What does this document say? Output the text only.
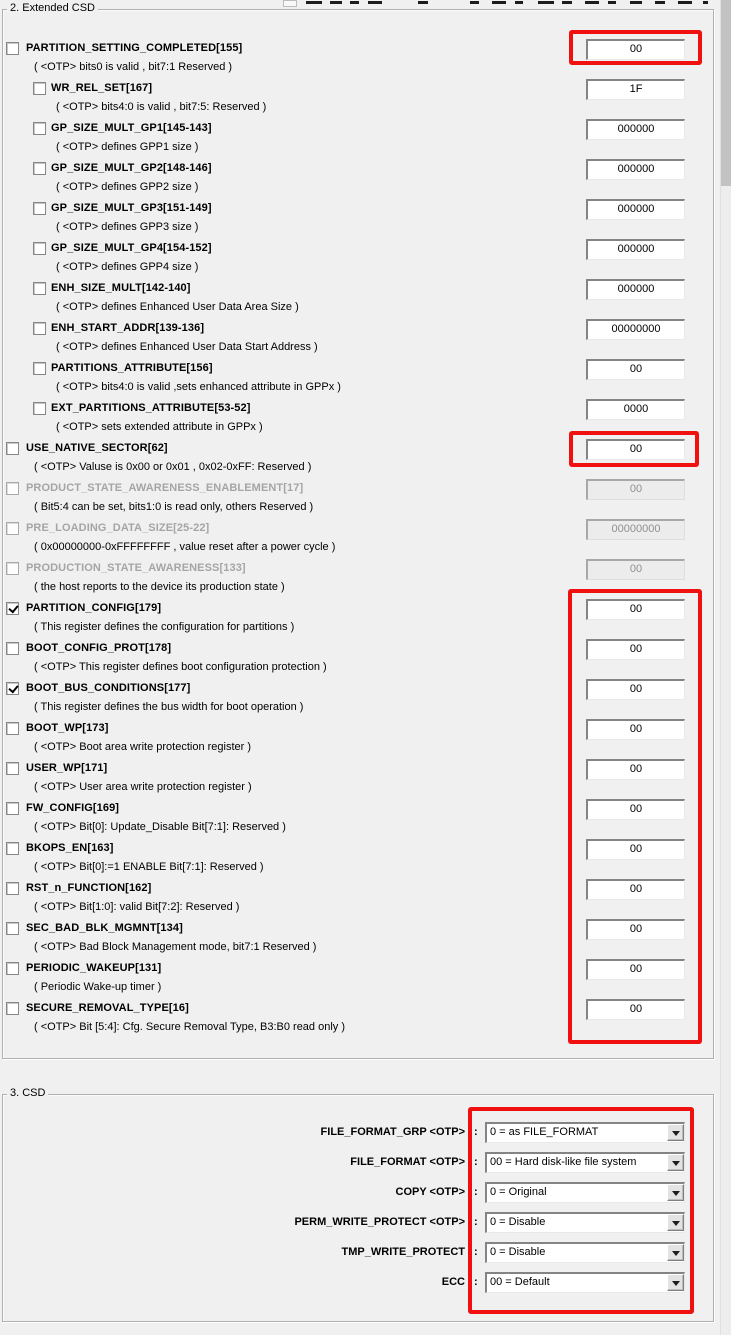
2. Extended CSD
PARTITION_SETTING_COMPLETED[155]
( <OTP> bits0 is valid , bit7:1 Reserved )
00
WR_REL_SET[167]
( <OTP> bits4:0 is valid , bit7:5: Reserved )
1F
GP_SIZE_MULT_GP1[145-143]
( <OTP> defines GPP1 size )
000000
GP_SIZE_MULT_GP2[148-146]
( <OTP> defines GPP2 size )
000000
GP_SIZE_MULT_GP3[151-149]
( <OTP> defines GPP3 size )
000000
GP_SIZE_MULT_GP4[154-152]
( <OTP> defines GPP4 size )
000000
ENH_SIZE_MULT[142-140]
( <OTP> defines Enhanced User Data Area Size )
000000
ENH_START_ADDR[139-136]
( <OTP> defines Enhanced User Data Start Address )
00000000
PARTITIONS_ATTRIBUTE[156]
( <OTP> bits4:0 is valid ,sets enhanced attribute in GPPx )
00
EXT_PARTITIONS_ATTRIBUTE[53-52]
( <OTP> sets extended attribute in GPPx )
0000
USE_NATIVE_SECTOR[62]
( <OTP> Valuse is 0x00 or 0x01 , 0x02-0xFF: Reserved )
00
PRODUCT_STATE_AWARENESS_ENABLEMENT[17]
( Bit5:4 can be set, bits1:0 is read only, others Reserved )
00
PRE_LOADING_DATA_SIZE[25-22]
( 0x00000000-0xFFFFFFFF , value reset after a power cycle )
00000000
PRODUCTION_STATE_AWARENESS[133]
( the host reports to the device its production state )
00
PARTITION_CONFIG[179]
( This register defines the configuration for partitions )
00
BOOT_CONFIG_PROT[178]
( <OTP> This register defines boot configuration protection )
00
BOOT_BUS_CONDITIONS[177]
( This register defines the bus width for boot operation )
00
BOOT_WP[173]
( <OTP> Boot area write protection register )
00
USER_WP[171]
( <OTP> User area write protection register )
00
FW_CONFIG[169]
( <OTP> Bit[0]: Update_Disable Bit[7:1]: Reserved )
00
BKOPS_EN[163]
( <OTP> Bit[0]:=1 ENABLE Bit[7:1]: Reserved )
00
RST_n_FUNCTION[162]
( <OTP> Bit[1:0]: valid Bit[7:2]: Reserved )
00
SEC_BAD_BLK_MGMNT[134]
( <OTP> Bad Block Management mode, bit7:1 Reserved )
00
PERIODIC_WAKEUP[131]
( Periodic Wake-up timer )
00
SECURE_REMOVAL_TYPE[16]
( <OTP> Bit [5:4]: Cfg. Secure Removal Type, B3:B0 read only )
00
3. CSD
FILE_FORMAT_GRP <OTP> : 0 = as FILE_FORMAT
FILE_FORMAT <OTP> : 00 = Hard disk-like file system
COPY <OTP> : 0 = Original
PERM_WRITE_PROTECT <OTP> : 0 = Disable
TMP_WRITE_PROTECT : 0 = Disable
ECC : 00 = Default
